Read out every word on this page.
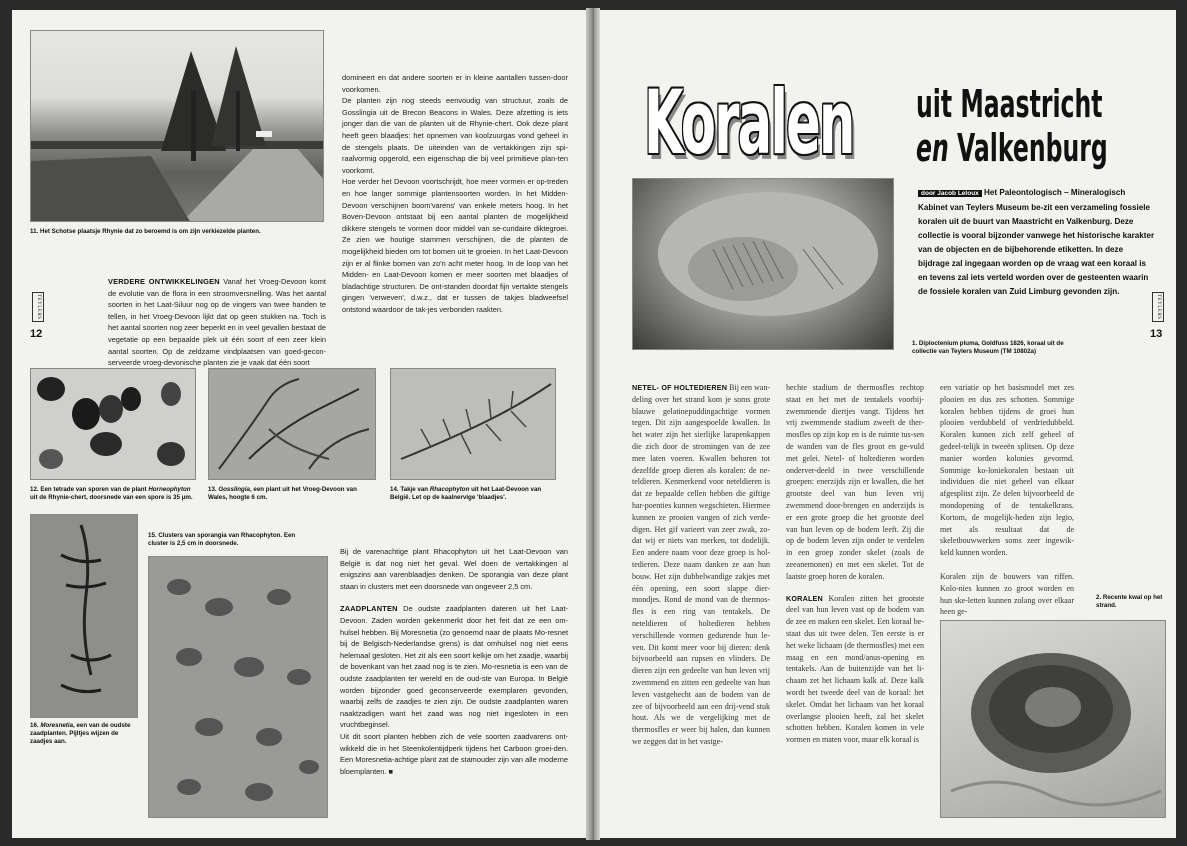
11. Het Schotse plaatsje Rhynie dat zo beroemd is om zijn verkiezelde planten.

domineert en dat andere soorten er in kleine aantallen tussen-door voorkomen.

De planten zijn nog steeds eenvoudig van structuur, zoals de Gosslingia uit de Brecon Beacons in Wales. Deze afzetting is iets jonger dan die van de planten uit de Rhynie-chert. Ook deze plant heeft geen blaadjes: het opnemen van koolzuurgas vond geheel in de stengels plaats. De uiteinden van de vertakkingen zijn spi-raalvormig opgerold, een eigenschap die bij veel primitieve plan-ten voorkomt.

Hoe verder het Devoon voortschrijdt, hoe meer vormen er op-treden en hoe langer sommige plantensoorten worden. In het Midden-Devoon verschijnen boom'varens' van enkele meters hoog. In het Boven-Devoon ontstaat bij een aantal planten de mogelijkheid dikkere stengels te vormen door middel van se-cundaire diktegroei. Ze zien we houtige stammen verschijnen, die de planten de mogelijkheid bieden om tot bomen uit te groeien. In het Laat-Devoon zijn er al flinke bomen van zo'n acht meter hoog. In de loop van het Midden- en Laat-Devoon komen er meer soorten met blaadjes of bladachtige structuren. De ont-standen doordat fijn vertakte stengels gingen 'verweven', d.w.z., dat er tussen de takjes bladweefsel ontstond waardoor de tak-jes verbonden raakten.

VERDERE ONTWIKKELINGEN Vanaf het Vroeg-Devoon komt de evolutie van de flora in een stroomversnelling. Was het aantal soorten in het Laat-Siluur nog op de vingers van twee handen te tellen, in het Vroeg-Devoon lijkt dat op geen stukken na. Toch is het aantal soorten nog zeer beperkt en in veel gevallen bestaat de vegetatie op een bepaalde plek uit één soort of een zeer klein aantal soorten. Op de zeldzame vindplaatsen van goed-gecon-serveerde vroeg-devonische planten zie je vaak dat één soort
TEYLERS
12
12. Een tetrade van sporen van de plant Horneophyton uit de Rhynie-chert, doorsnede van een spore is 35 μm.
13. Gosslingia, een plant uit het Vroeg-Devoon van Wales, hoogte 6 cm.
14. Takje van Rhacophyton uit het Laat-Devoon van België. Let op de kaalnervige 'blaadjes'.
16. Moresnetia, een van de oudste zaadplanten. Pijltjes wijzen de zaadjes aan.
15. Clusters van sporangia van Rhacophyton. Een cluster is 2,5 cm in doorsnede.

Bij de varenachtige plant Rhacophyton uit het Laat-Devoon van België is dat nog niet het geval. Wel doen de vertakkingen al enigszins aan varenblaadjes denken. De sporangia van deze plant staan in clusters met een doorsnede van ongeveer 2,5 cm.

ZAADPLANTEN De oudste zaadplanten dateren uit het Laat-Devoon. Zaden worden gekenmerkt door het feit dat ze een om-hulsel hebben. Bij Moresnetia (zo genoemd naar de plaats Mo-resnet bij de Belgisch-Nederlandse grens) is dat omhulsel nog niet eens helemaal gesloten. Het zit als een soort kelkje om het zaadje, waarbij de bovenkant van het zaad nog is te zien. Mo-resnetia is een van de oudste zaadplanten ter wereld en de oud-ste van Europa. In België worden bijzonder goed geconserveerde exemplaren gevonden, waarbij zelfs de zaadjes te zien zijn. De oudste zaadplanten waren naaktzadigen want het zaad was nog niet ingesloten in een vruchtbeginsel.

Uit dit soort planten hebben zich de vele soorten zaadvarens ont-wikkeld die in het Steenkolentijdperk tijdens het Carboon groei-den. Een Moresnetia-achtige plant zat de stamouder zijn van alle moderne bloemplanten. ■

Koralen uit Maastricht
en Valkenburg
1. Diploctenium pluma, Goldfuss 1826, koraal uit de collectie van Teylers Museum (TM 10802a)
door Jacob Leloux Het Paleontologisch – Mineralogisch Kabinet van Teylers Museum be-zit een verzameling fossiele koralen uit de buurt van Maastricht en Valkenburg. Deze collectie is vooral bijzonder vanwege het historische karakter van de objecten en de bijbehorende etiketten. In deze bijdrage zal ingegaan worden op de vraag wat een koraal is en tevens zal iets verteld worden over de gesteenten waarin de fossiele koralen van Zuid Limburg gevonden zijn.
TEYLERS
13
NETEL- OF HOLTEDIEREN Bij een wan-deling over het strand kom je soms grote blauwe gelatinepuddingachtige vormen tegen. Dit zijn aangespoelde kwallen. In het water zijn het sierlijke larapenkappen die zich door de stromingen van de zee mee laten voeren. Kwallen behoren tot dezelfde groep dieren als koralen: de ne-teldieren. Kenmerkend voor neteldieren is dat ze bepaalde cellen hebben die giftige har-poenties kunnen wegschieten. Hiermee kunnen ze prooien vangen of zich verde-digen. Het gif varieert van zeer zwak, zo-dat wij er niets van merken, tot dodelijk. Een andere naam voor deze groep is hol-tedieren. Deze naam danken ze aan hun bouw. Het zijn dubbelwandige zakjes met één opening, een soort slappe dier-mondjes. Rond de mond van de thermos-fles is een ring van tentakels. De neteldieren of holtedieren hebben verschillende vormen gedurende hun le-ven. Dit komt meer voor bij dieren: denk bijvoorbeeld aan rupsen en vlinders. De dieren zijn een gedeelte van hun leven vrij zwemmend en zitten een gedeelte van hun leven vastgehecht aan de bodem van de zee of bijvoorbeeld aan een drij-vend stuk hout. Als we de vergelijking met de thermosfles er weer bij halen, dan kunnen we zeggen dat in het vastge-

hechte stadium de thermosfles rechtop staat en het met de tentakels voorbij-zwemmende diertjes vangt. Tijdens het vrij zwemmende stadium zweeft de ther-mosfles op zijn kop en is de ruimte tus-sen de wanden van de fles groot en ge-vuld met gelei. Netel- of holtedieren worden onderver-deeld in twee verschillende groepen: enerzijds zijn er kwallen, die het grootste deel van hun leven vrij zwemmend door-brengen en anderzijds is er een grote groep die het grootste deel van hun leven op de bodem leeft. Zij die op de bodem leven zijn onder te verdelen in een groep zonder skelet (zoals de zeeanemonen) en met een skelet. Tot de laatste groep horen de koralen.

KORALEN Koralen zitten het grootste deel van hun leven vast op de bodem van de zee en maken een skelet. Een koraal be-staat dus uit twee delen. Ten eerste is er het weke lichaam (de thermosfles) met een maag en een mond/anus-opening en tentakels. Aan de buitenzijde van het li-chaam zet het lichaam kalk af. Deze kalk wordt het tweede deel van de koraal: het skelet. Omdat het lichaam van het koraal overlangse plooien heeft, zal het skelet schotten hebben. Koralen komen in vele vormen en maten voor, maar elk koraal is

een variatie op het basismodel met zes plooien en dus zes schotten. Sommige koralen hebben tijdens de groei hun plooien verdubbeld of verdriedubbeld. Koralen kunnen zich zelf geheel of gedeel-telijk in tweeën splitsen. Op deze manier worden kolonies gevormd. Sommige ko-loniekoralen bestaan uit individuen die niet geheel van elkaar afgesplitst zijn. Ze delen bijvoorbeeld de mondopening of de tentakelkrans. Kortom, de mogelijk-heden zijn legio, met als resultaat dat de skeletbouwwerken soms zeer ingewik-keld kunnen worden.

Koralen zijn de bouwers van riffen. Kolo-nies kunnen zo groot worden en hun ske-letten kunnen zolang over elkaar heen ge-

2. Recente kwal op het strand.
